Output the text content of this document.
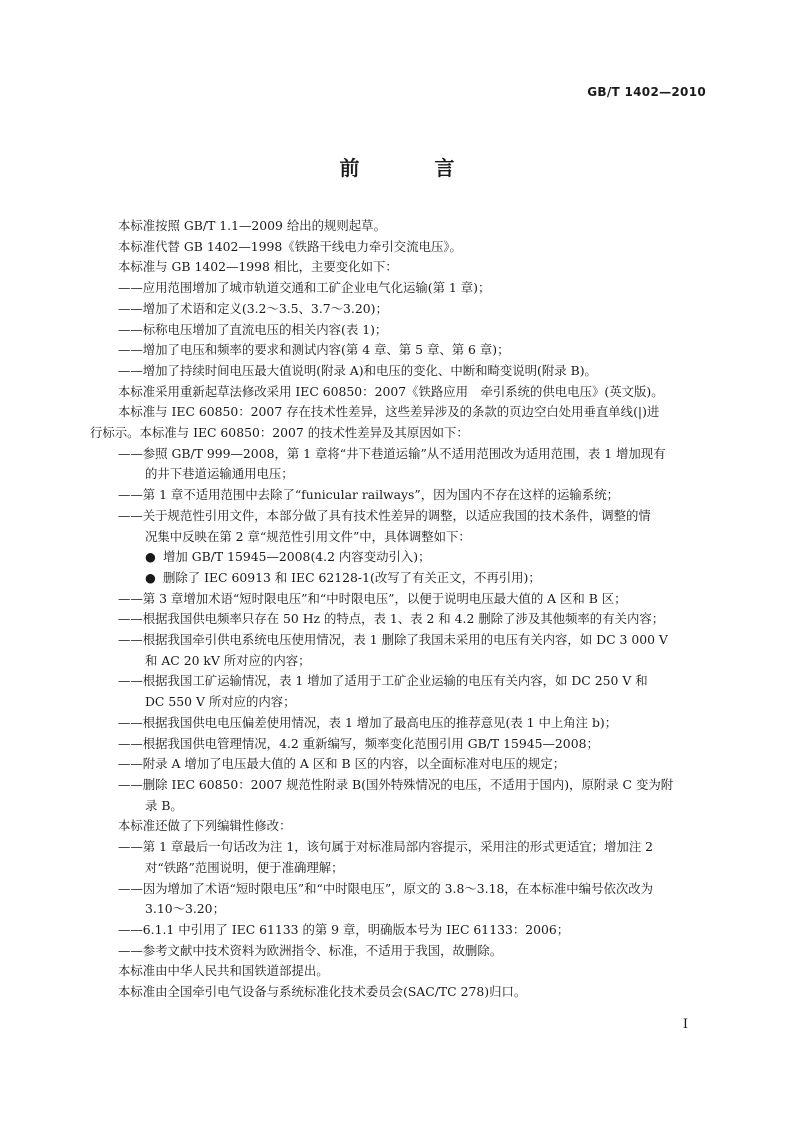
GB/T 1402—2010
前 言
本标准按照 GB/T 1.1—2009 给出的规则起草。
本标准代替 GB 1402—1998《铁路干线电力牵引交流电压》。
本标准与 GB 1402—1998 相比，主要变化如下：
——应用范围增加了城市轨道交通和工矿企业电气化运输(第 1 章)；
——增加了术语和定义(3.2～3.5、3.7～3.20)；
——标称电压增加了直流电压的相关内容(表 1)；
——增加了电压和频率的要求和测试内容(第 4 章、第 5 章、第 6 章)；
——增加了持续时间电压最大值说明(附录 A)和电压的变化、中断和畸变说明(附录 B)。
本标准采用重新起草法修改采用 IEC 60850：2007《铁路应用　牵引系统的供电电压》(英文版)。
本标准与 IEC 60850：2007 存在技术性差异，这些差异涉及的条款的页边空白处用垂直单线(|)进
行标示。本标准与 IEC 60850：2007 的技术性差异及其原因如下：
——参照 GB/T 999—2008，第 1 章将“井下巷道运输”从不适用范围改为适用范围，表 1 增加现有
的井下巷道运输通用电压；
——第 1 章不适用范围中去除了“funicular railways”，因为国内不存在这样的运输系统；
——关于规范性引用文件，本部分做了具有技术性差异的调整，以适应我国的技术条件，调整的情
况集中反映在第 2 章“规范性引用文件”中，具体调整如下：
● 增加 GB/T 15945—2008(4.2 内容变动引入)；
● 删除了 IEC 60913 和 IEC 62128-1(改写了有关正文，不再引用)；
——第 3 章增加术语“短时限电压”和“中时限电压”，以便于说明电压最大值的 A 区和 B 区；
——根据我国供电频率只存在 50 Hz 的特点，表 1、表 2 和 4.2 删除了涉及其他频率的有关内容；
——根据我国牵引供电系统电压使用情况，表 1 删除了我国未采用的电压有关内容，如 DC 3 000 V
和 AC 20 kV 所对应的内容；
——根据我国工矿运输情况，表 1 增加了适用于工矿企业运输的电压有关内容，如 DC 250 V 和
DC 550 V 所对应的内容；
——根据我国供电电压偏差使用情况，表 1 增加了最高电压的推荐意见(表 1 中上角注 b)；
——根据我国供电管理情况，4.2 重新编写，频率变化范围引用 GB/T 15945—2008；
——附录 A 增加了电压最大值的 A 区和 B 区的内容，以全面标准对电压的规定；
——删除 IEC 60850：2007 规范性附录 B(国外特殊情况的电压，不适用于国内)，原附录 C 变为附
录 B。
本标准还做了下列编辑性修改：
——第 1 章最后一句话改为注 1，该句属于对标准局部内容提示，采用注的形式更适宜；增加注 2
对“铁路”范围说明，便于准确理解；
——因为增加了术语“短时限电压”和“中时限电压”，原文的 3.8～3.18，在本标准中编号依次改为
3.10～3.20；
——6.1.1 中引用了 IEC 61133 的第 9 章，明确版本号为 IEC 61133：2006；
——参考文献中技术资料为欧洲指令、标准，不适用于我国，故删除。
本标准由中华人民共和国铁道部提出。
本标准由全国牵引电气设备与系统标准化技术委员会(SAC/TC 278)归口。
I
